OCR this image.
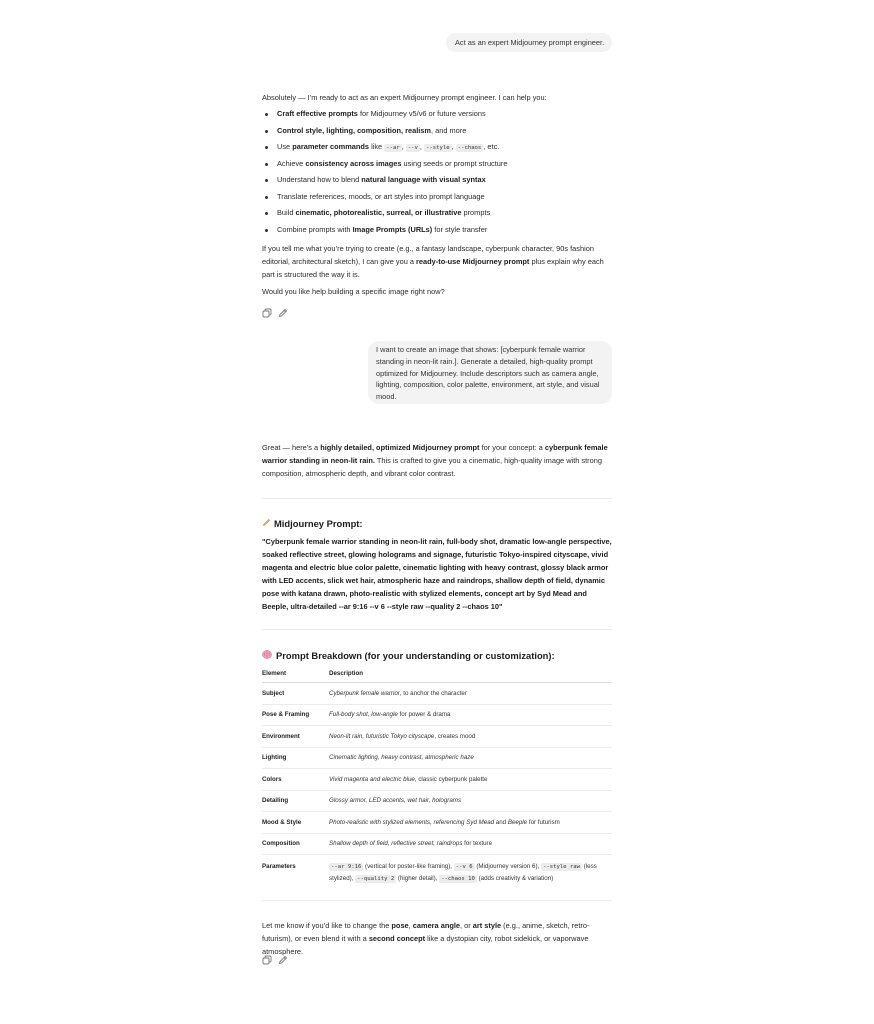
Act as an expert Midjourney prompt engineer.

Absolutely — I’m ready to act as an expert Midjourney prompt engineer. I can help you:

Craft effective prompts for Midjourney v5/v6 or future versions
Control style, lighting, composition, realism, and more
Use parameter commands like --ar , --v , --style , --chaos , etc.
Achieve consistency across images using seeds or prompt structure
Understand how to blend natural language with visual syntax
Translate references, moods, or art styles into prompt language
Build cinematic, photorealistic, surreal, or illustrative prompts
Combine prompts with Image Prompts (URLs) for style transfer

If you tell me what you’re trying to create (e.g., a fantasy landscape, cyberpunk character, 90s fashion editorial, architectural sketch), I can give you a ready-to-use Midjourney prompt plus explain why each part is structured the way it is.

Would you like help building a specific image right now?

I want to create an image that shows: [cyberpunk female warrior standing in neon-lit rain.]. Generate a detailed, high-quality prompt optimized for Midjourney. Include descriptors such as camera angle, lighting, composition, color palette, environment, art style, and visual mood.

Great — here’s a highly detailed, optimized Midjourney prompt for your concept: a cyberpunk female warrior standing in neon-lit rain. This is crafted to give you a cinematic, high-quality image with strong composition, atmospheric depth, and vibrant color contrast.

Midjourney Prompt:

"Cyberpunk female warrior standing in neon-lit rain, full-body shot, dramatic low-angle perspective, soaked reflective street, glowing holograms and signage, futuristic Tokyo-inspired cityscape, vivid magenta and electric blue color palette, cinematic lighting with heavy contrast, glossy black armor with LED accents, slick wet hair, atmospheric haze and raindrops, shallow depth of field, dynamic pose with katana drawn, photo-realistic with stylized elements, concept art by Syd Mead and Beeple, ultra-detailed --ar 9:16 --v 6 --style raw --quality 2 --chaos 10"

Prompt Breakdown (for your understanding or customization):
Element	Description
Subject	Cyberpunk female warrior, to anchor the character
Pose & Framing	Full-body shot, low-angle for power & drama
Environment	Neon-lit rain, futuristic Tokyo cityscape, creates mood
Lighting	Cinematic lighting, heavy contrast, atmospheric haze
Colors	Vivid magenta and electric blue, classic cyberpunk palette
Detailing	Glossy armor, LED accents, wet hair, holograms
Mood & Style	Photo-realistic with stylized elements, referencing Syd Mead and Beeple for futurism
Composition	Shallow depth of field, reflective street, raindrops for texture
Parameters	--ar 9:16 (vertical for poster-like framing), --v 6 (Midjourney version 6), --style raw (less stylized), --quality 2 (higher detail), --chaos 10 (adds creativity & variation)

Let me know if you’d like to change the pose, camera angle, or art style (e.g., anime, sketch, retro-futurism), or even blend it with a second concept like a dystopian city, robot sidekick, or vaporwave atmosphere.
